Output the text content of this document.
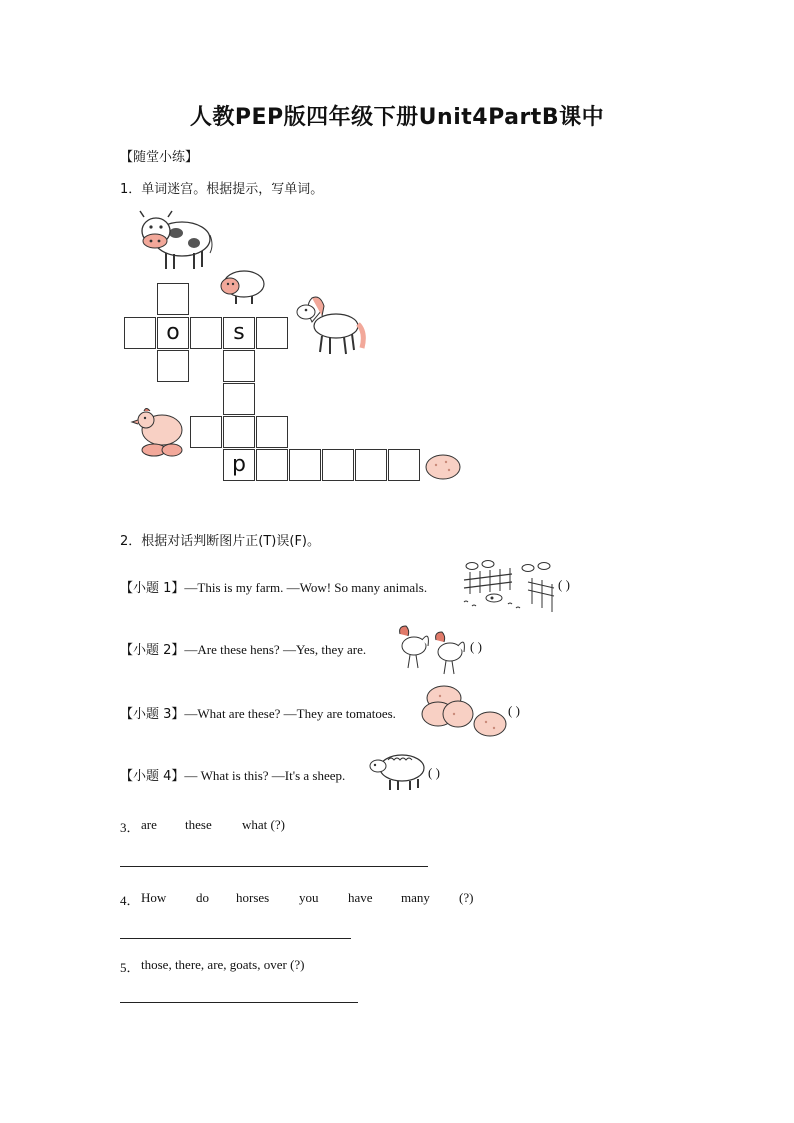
人教PEP版四年级下册Unit4PartB课中
【随堂小练】
1．单词迷宫。根据提示，写单词。
o	s
p
2．根据对话判断图片正(T)误(F)。
【小题 1】—This is my farm. —Wow! So many animals.	( )
【小题 2】—Are these hens? —Yes, they are.	( )
【小题 3】—What are these? —They are tomatoes.	( )
【小题 4】— What is this? —It's a sheep.	( )
3． are these what (?)
4． How do horses you have many (?)
5． those, there, are, goats, over (?)
